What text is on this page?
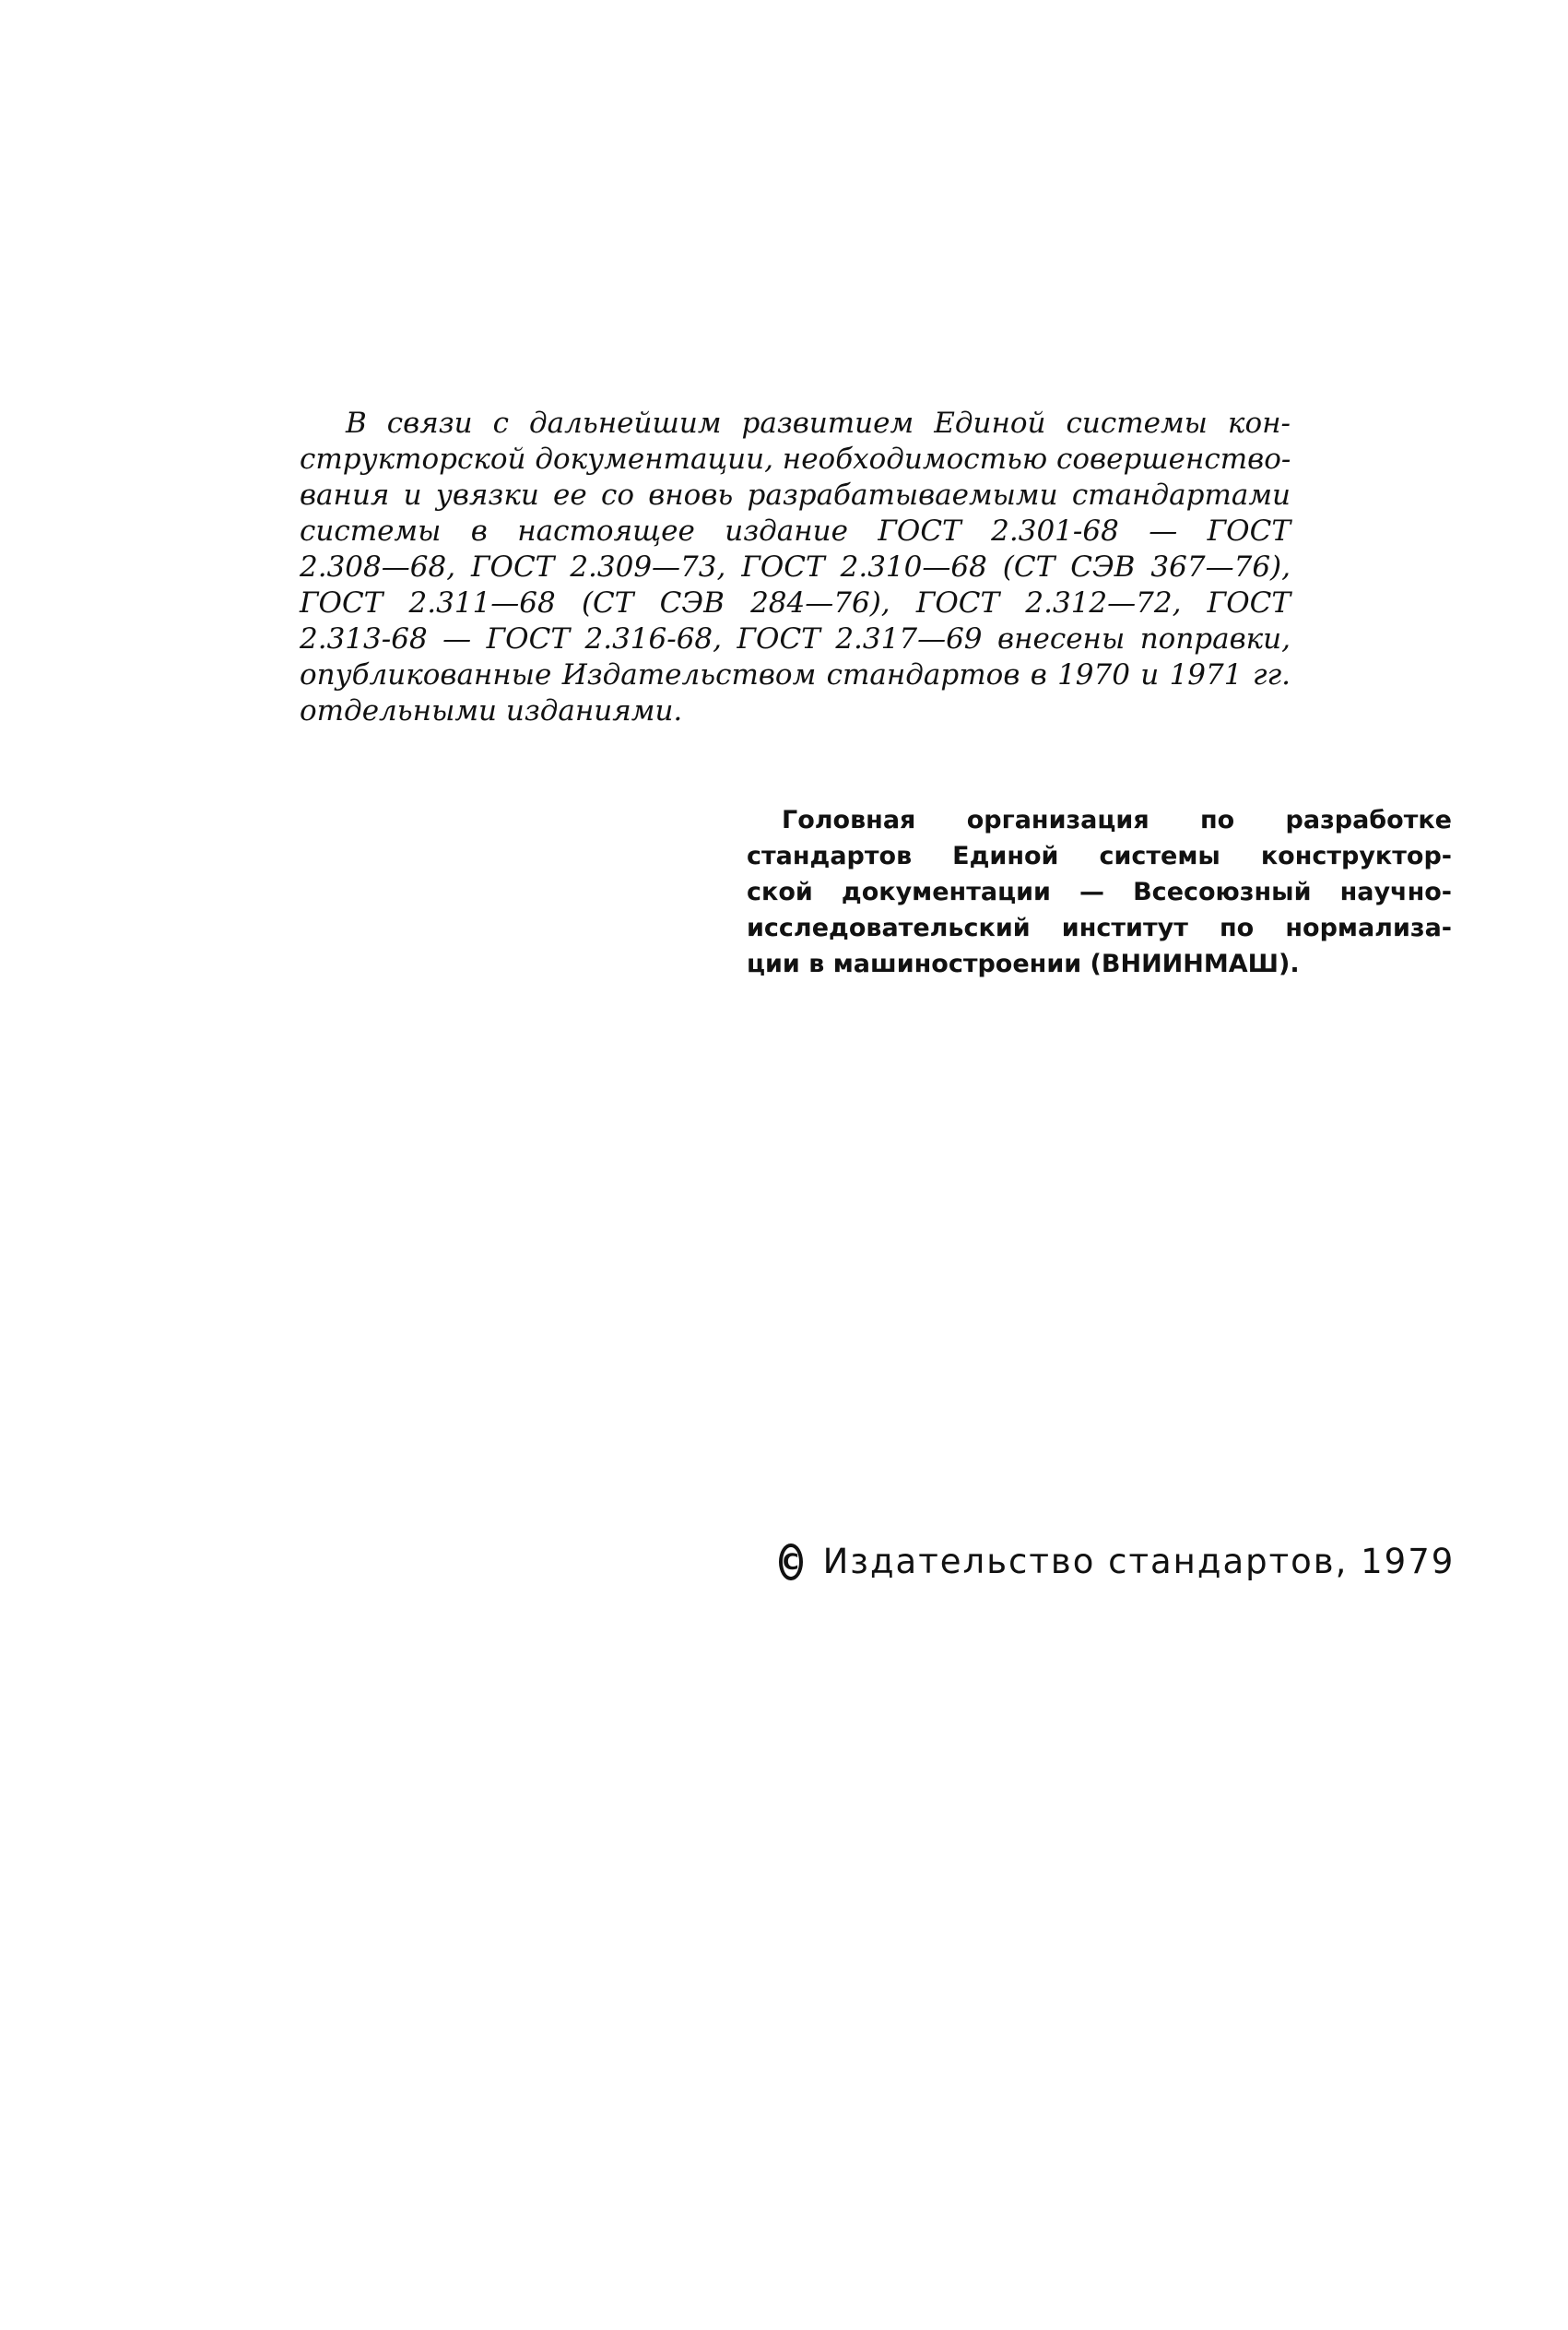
В связи с дальнейшим развитием Единой системы кон-
структорской документации, необходимостью совершенство-
вания и увязки ее со вновь разрабатываемыми стандартами
системы в настоящее издание ГОСТ 2.301-68 — ГОСТ
2.308—68, ГОСТ 2.309—73, ГОСТ 2.310—68 (СТ СЭВ 367—76),
ГОСТ 2.311—68 (СТ СЭВ 284—76), ГОСТ 2.312—72, ГОСТ
2.313-68 — ГОСТ 2.316-68, ГОСТ 2.317—69 внесены поправки,
опубликованные Издательством стандартов в 1970 и 1971 гг.
отдельными изданиями.
Головная организация по разработке
стандартов Единой системы конструктор-
ской документации — Всесоюзный научно-
исследовательский институт по нормализа-
ции в машиностроении (ВНИИНМАШ).
C Издательство стандартов, 1979
